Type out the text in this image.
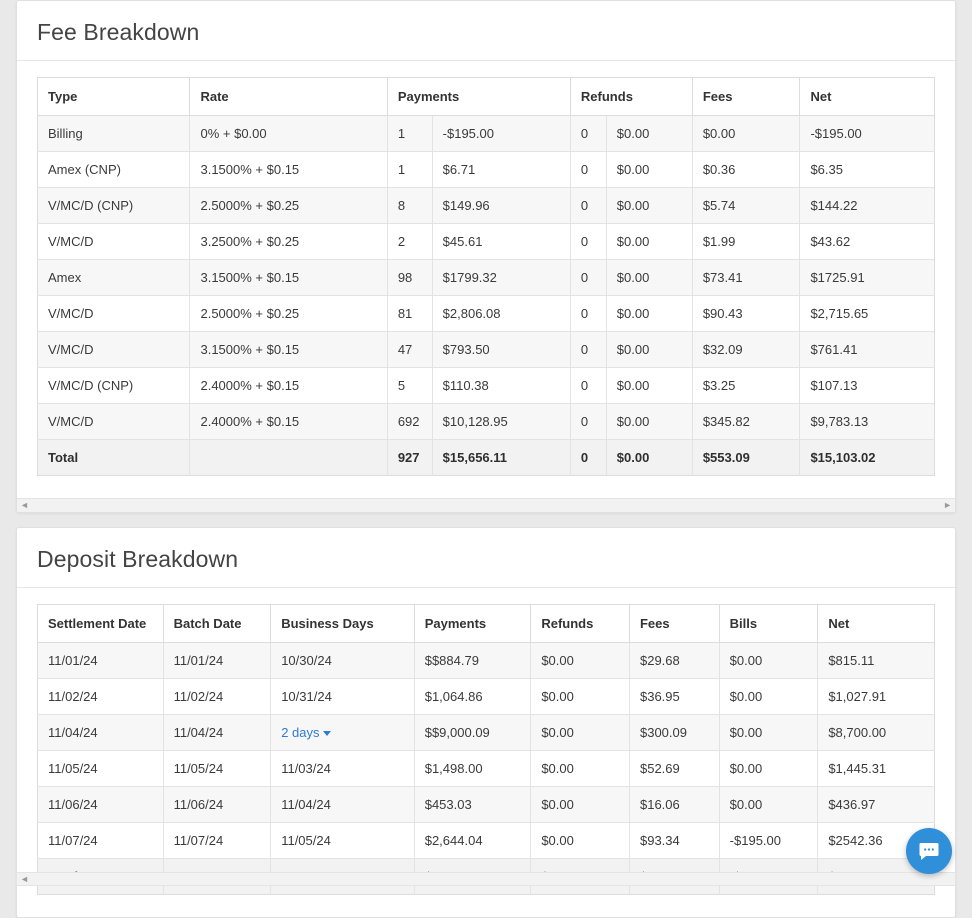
Fee Breakdown
Type	Rate	Payments		Refunds		Fees	Net
Billing	0% + $0.00	1	-$195.00	0	$0.00	$0.00	-$195.00
Amex (CNP)	3.1500% + $0.15	1	$6.71	0	$0.00	$0.36	$6.35
V/MC/D (CNP)	2.5000% + $0.25	8	$149.96	0	$0.00	$5.74	$144.22
V/MC/D	3.2500% + $0.25	2	$45.61	0	$0.00	$1.99	$43.62
Amex	3.1500% + $0.15	98	$1799.32	0	$0.00	$73.41	$1725.91
V/MC/D	2.5000% + $0.25	81	$2,806.08	0	$0.00	$90.43	$2,715.65
V/MC/D	3.1500% + $0.15	47	$793.50	0	$0.00	$32.09	$761.41
V/MC/D (CNP)	2.4000% + $0.15	5	$110.38	0	$0.00	$3.25	$107.13
V/MC/D	2.4000% + $0.15	692	$10,128.95	0	$0.00	$345.82	$9,783.13
Total		927	$15,656.11	0	$0.00	$553.09	$15,103.02
◄	►
Deposit Breakdown
Settlement Date	Batch Date	Business Days	Payments	Refunds	Fees	Bills	Net
11/01/24	11/01/24	10/30/24	$$884.79	$0.00	$29.68	$0.00	$815.11
11/02/24	11/02/24	10/31/24	$1,064.86	$0.00	$36.95	$0.00	$1,027.91
11/04/24	11/04/24	2 days	$$9,000.09	$0.00	$300.09	$0.00	$8,700.00
11/05/24	11/05/24	11/03/24	$1,498.00	$0.00	$52.69	$0.00	$1,445.31
11/06/24	11/06/24	11/04/24	$453.03	$0.00	$16.06	$0.00	$436.97
11/07/24	11/07/24	11/05/24	$2,644.04	$0.00	$93.34	-$195.00	$2542.36

◄
